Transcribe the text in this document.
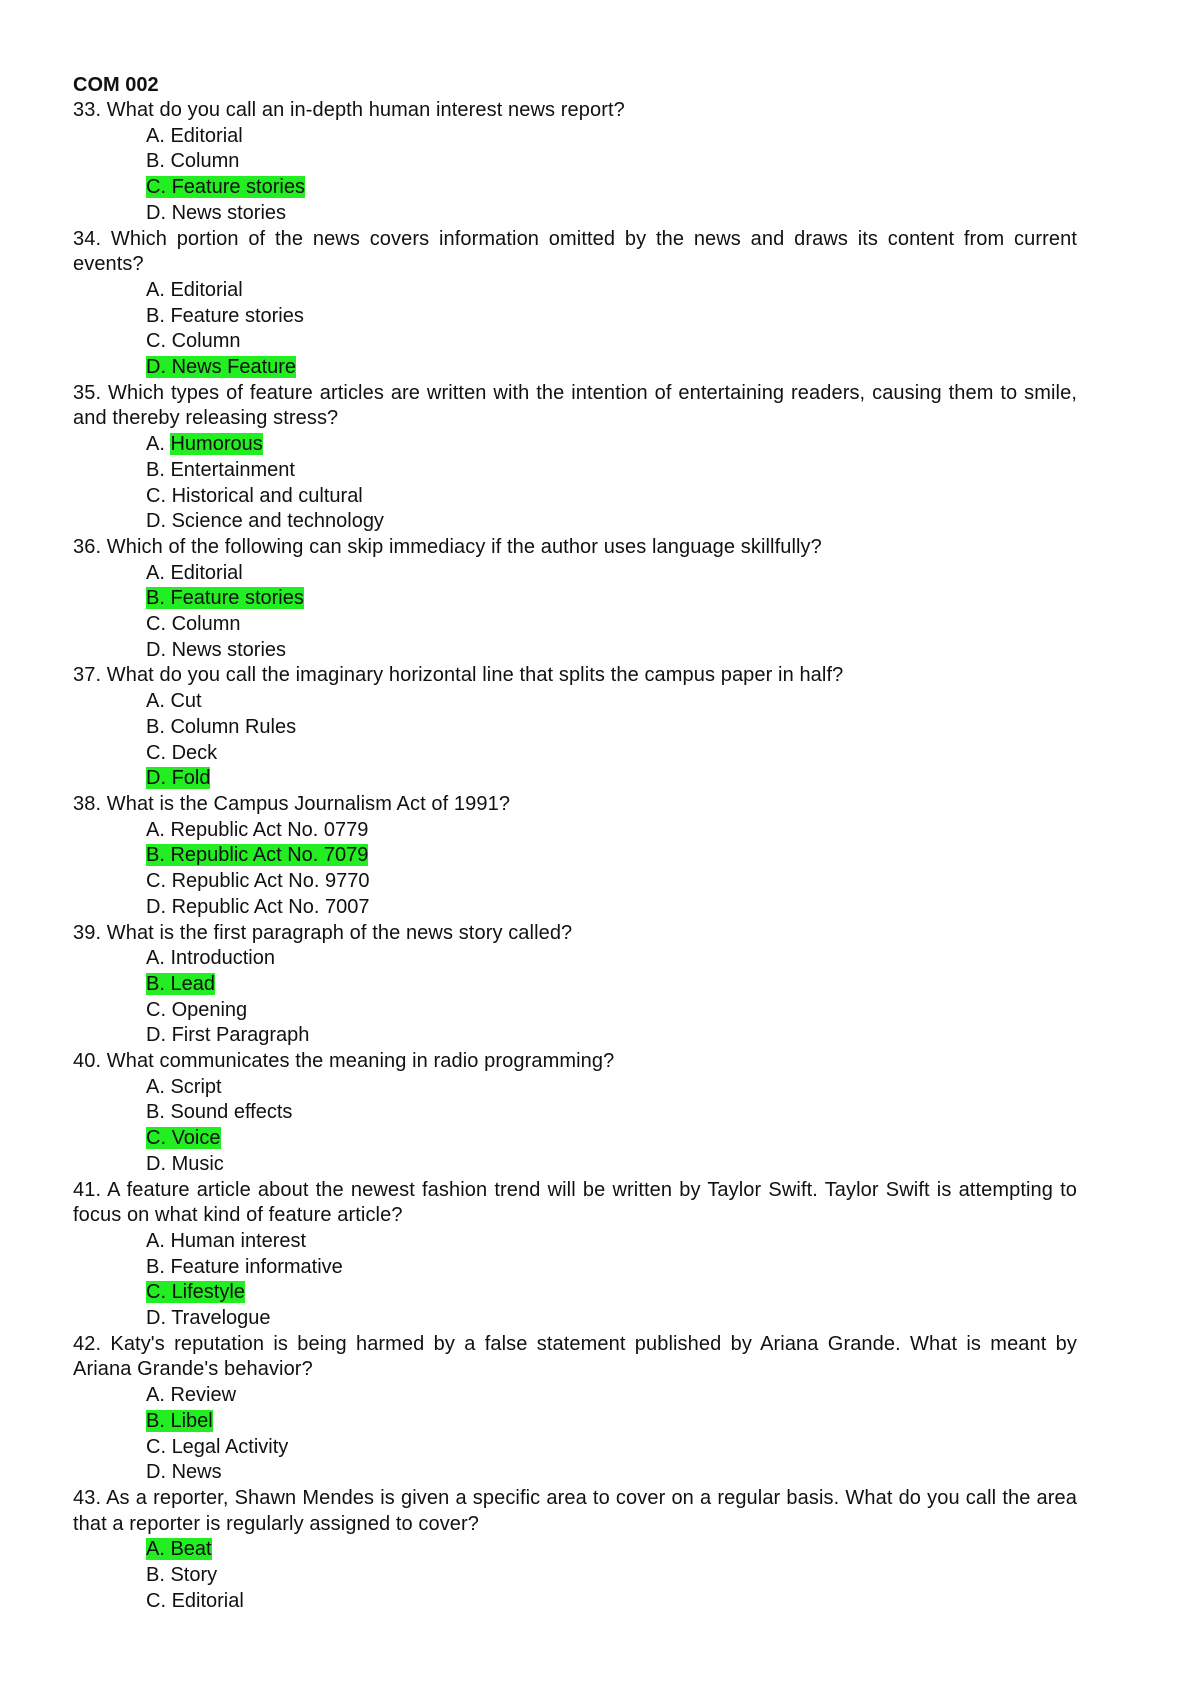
COM 002
33. What do you call an in-depth human interest news report?
A. Editorial
B. Column
C. Feature stories
D. News stories
34. Which portion of the news covers information omitted by the news and draws its content from current events?
A. Editorial
B. Feature stories
C. Column
D. News Feature
35. Which types of feature articles are written with the intention of entertaining readers, causing them to smile, and thereby releasing stress?
A. Humorous
B. Entertainment
C. Historical and cultural
D. Science and technology
36. Which of the following can skip immediacy if the author uses language skillfully?
A. Editorial
B. Feature stories
C. Column
D. News stories
37. What do you call the imaginary horizontal line that splits the campus paper in half?
A. Cut
B. Column Rules
C. Deck
D. Fold
38. What is the Campus Journalism Act of 1991?
A. Republic Act No. 0779
B. Republic Act No. 7079
C. Republic Act No. 9770
D. Republic Act No. 7007
39. What is the first paragraph of the news story called?
A. Introduction
B. Lead
C. Opening
D. First Paragraph
40. What communicates the meaning in radio programming?
A. Script
B. Sound effects
C. Voice
D. Music
41. A feature article about the newest fashion trend will be written by Taylor Swift. Taylor Swift is attempting to focus on what kind of feature article?
A. Human interest
B. Feature informative
C. Lifestyle
D. Travelogue
42. Katy's reputation is being harmed by a false statement published by Ariana Grande. What is meant by Ariana Grande's behavior?
A. Review
B. Libel
C. Legal Activity
D. News
43. As a reporter, Shawn Mendes is given a specific area to cover on a regular basis. What do you call the area that a reporter is regularly assigned to cover?
A. Beat
B. Story
C. Editorial
